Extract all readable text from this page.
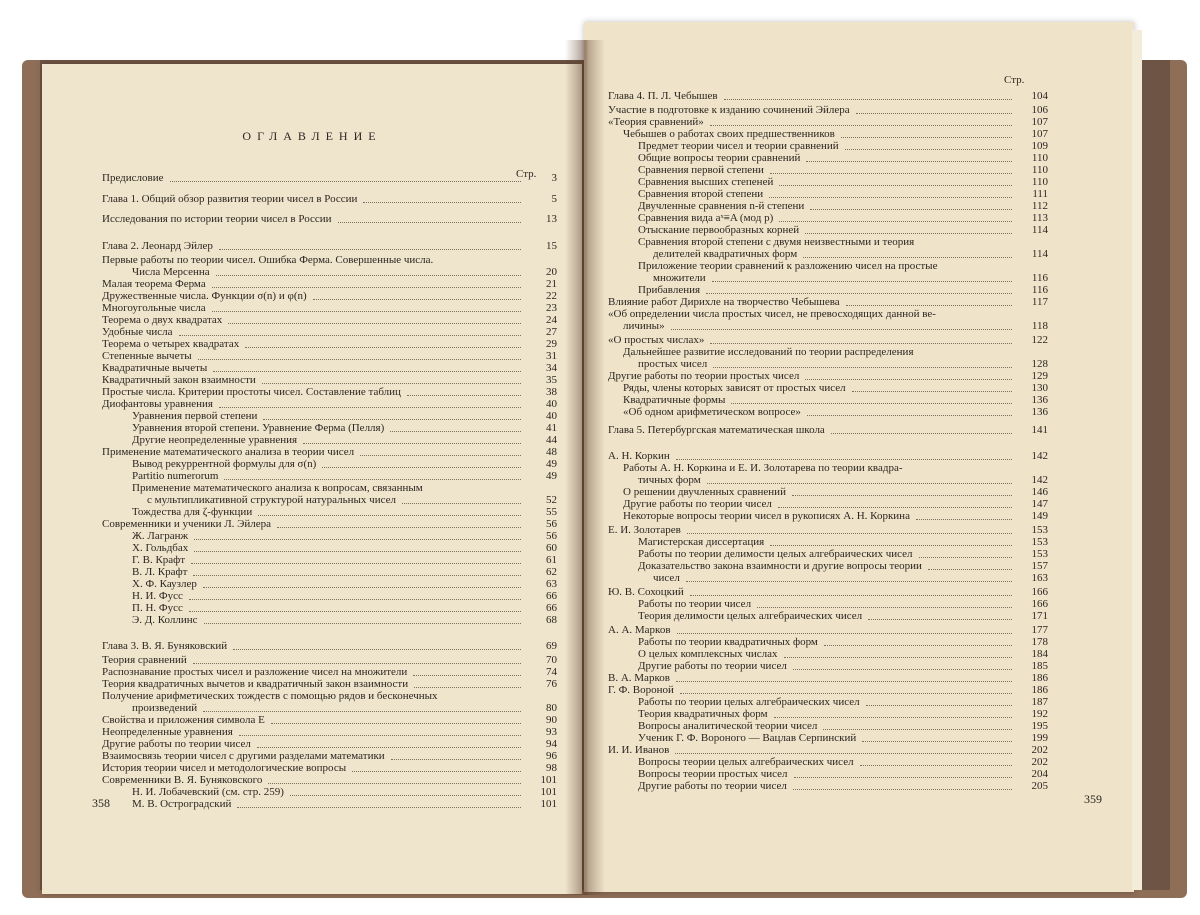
ОГЛАВЛЕНИЕ
Стр.
Предисловие	3
Глава 1. Общий обзор развития теории чисел в России	5
Исследования по истории теории чисел в России	13
Глава 2. Леонард Эйлер	15
Первые работы по теории чисел. Ошибка Ферма. Совершенные числа.
Числа Мерсенна	20
Малая теорема Ферма	21
Дружественные числа. Функции σ(n) и φ(n)	22
Многоугольные числа	23
Теорема о двух квадратах	24
Удобные числа	27
Теорема о четырех квадратах	29
Степенные вычеты	31
Квадратичные вычеты	34
Квадратичный закон взаимности	35
Простые числа. Критерии простоты чисел. Составление таблиц	38
Диофантовы уравнения	40
Уравнения первой степени	40
Уравнения второй степени. Уравнение Ферма (Пелля)	41
Другие неопределенные уравнения	44
Применение математического анализа в теории чисел	48
Вывод рекуррентной формулы для σ(n)	49
Partitio numerorum	49
Применение математического анализа к вопросам, связанным
с мультипликативной структурой натуральных чисел	52
Тождества для ζ-функции	55
Современники и ученики Л. Эйлера	56
Ж. Лагранж	56
Х. Гольдбах	60
Г. В. Крафт	61
В. Л. Крафт	62
Х. Ф. Каузлер	63
Н. И. Фусс	66
П. Н. Фусс	66
Э. Д. Коллинс	68
Глава 3. В. Я. Буняковский	69
Теория сравнений	70
Распознавание простых чисел и разложение чисел на множители	74
Теория квадратичных вычетов и квадратичный закон взаимности	76
Получение арифметических тождеств с помощью рядов и бесконечных
произведений	80
Свойства и приложения символа E	90
Неопределенные уравнения	93
Другие работы по теории чисел	94
Взаимосвязь теории чисел с другими разделами математики	96
История теории чисел и методологические вопросы	98
Современники В. Я. Буняковского	101
Н. И. Лобачевский (см. стр. 259)	101
М. В. Остроградский	101
358
Стр.
Глава 4. П. Л. Чебышев	104
Участие в подготовке к изданию сочинений Эйлера	106
«Теория сравнений»	107
Чебышев о работах своих предшественников	107
Предмет теории чисел и теории сравнений	109
Общие вопросы теории сравнений	110
Сравнения первой степени	110
Сравнения высших степеней	110
Сравнения второй степени	111
Двучленные сравнения n-й степени	112
Сравнения вида aˣ≡A (мод p)	113
Отыскание первообразных корней	114
Сравнения второй степени с двумя неизвестными и теория
делителей квадратичных форм	114
Приложение теории сравнений к разложению чисел на простые
множители	116
Прибавления	116
Влияние работ Дирихле на творчество Чебышева	117
«Об определении числа простых чисел, не превосходящих данной ве-
личины»	118
«О простых числах»	122
Дальнейшее развитие исследований по теории распределения
простых чисел	128
Другие работы по теории простых чисел	129
Ряды, члены которых зависят от простых чисел	130
Квадратичные формы	136
«Об одном арифметическом вопросе»	136
Глава 5. Петербургская математическая школа	141
А. Н. Коркин	142
Работы А. Н. Коркина и Е. И. Золотарева по теории квадра-
тичных форм	142
О решении двучленных сравнений	146
Другие работы по теории чисел	147
Некоторые вопросы теории чисел в рукописях А. Н. Коркина	149
Е. И. Золотарев	153
Магистерская диссертация	153
Работы по теории делимости целых алгебраических чисел	153
Доказательство закона взаимности и другие вопросы теории	157
чисел	163
Ю. В. Сохоцкий	166
Работы по теории чисел	166
Теория делимости целых алгебраических чисел	171
А. А. Марков	177
Работы по теории квадратичных форм	178
О целых комплексных числах	184
Другие работы по теории чисел	185
В. А. Марков	186
Г. Ф. Вороной	186
Работы по теории целых алгебраических чисел	187
Теория квадратичных форм	192
Вопросы аналитической теории чисел	195
Ученик Г. Ф. Вороного — Вацлав Серпинский	199
И. И. Иванов	202
Вопросы теории целых алгебраических чисел	202
Вопросы теории простых чисел	204
Другие работы по теории чисел	205
359
